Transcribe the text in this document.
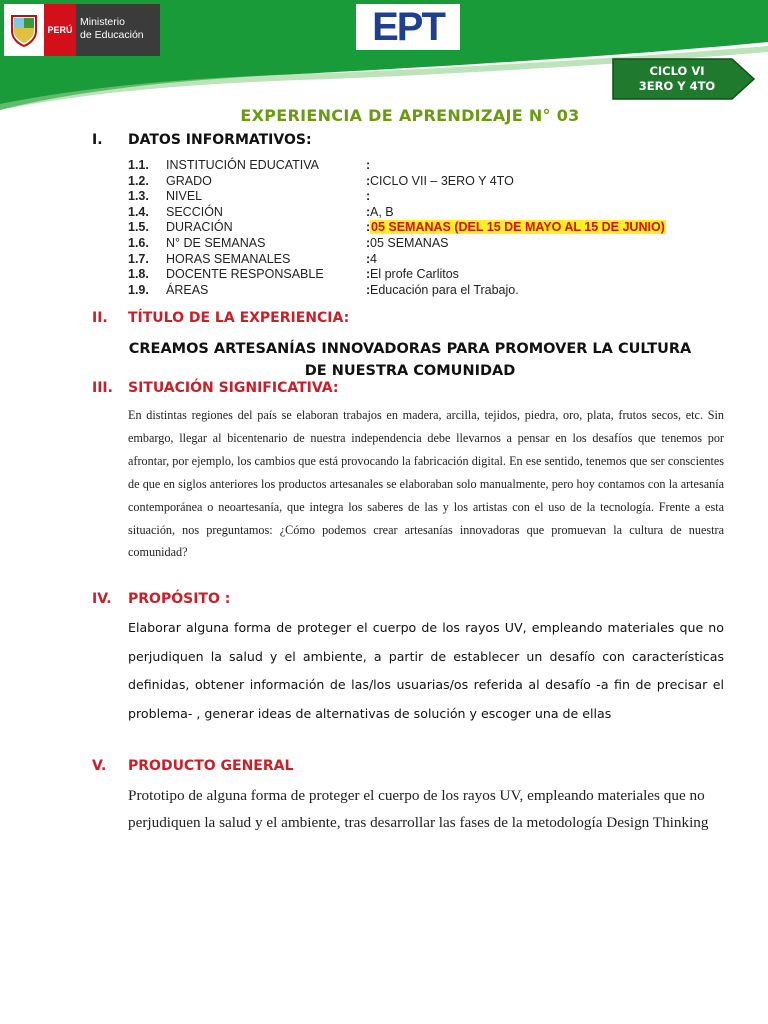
PERÚ
Ministerio
de Educación	EPT
CICLO VI
3ERO Y 4TO
EXPERIENCIA DE APRENDIZAJE N° 03
I. DATOS INFORMATIVOS:
1.1.	INSTITUCIÓN EDUCATIVA	:
1.2.	GRADO	: CICLO VII – 3ERO Y 4TO
1.3.	NIVEL	:
1.4.	SECCIÓN	: A, B
1.5.	DURACIÓN	: 05 SEMANAS (DEL 15 DE MAYO AL 15 DE JUNIO)
1.6.	N° DE SEMANAS	: 05 SEMANAS
1.7.	HORAS SEMANALES	: 4
1.8.	DOCENTE RESPONSABLE	: El profe Carlitos
1.9.	ÁREAS	: Educación para el Trabajo.
II. TÍTULO DE LA EXPERIENCIA:
CREAMOS ARTESANÍAS INNOVADORAS PARA PROMOVER LA CULTURA
DE NUESTRA COMUNIDAD
III. SITUACIÓN SIGNIFICATIVA:
En distintas regiones del país se elaboran trabajos en madera, arcilla, tejidos, piedra, oro, plata, frutos secos, etc. Sin embargo, llegar al bicentenario de nuestra independencia debe llevarnos a pensar en los desafíos que tenemos por afrontar, por ejemplo, los cambios que está provocando la fabricación digital. En ese sentido, tenemos que ser conscientes de que en siglos anteriores los productos artesanales se elaboraban solo manualmente, pero hoy contamos con la artesanía contemporánea o neoartesanía, que integra los saberes de las y los artistas con el uso de la tecnología. Frente a esta situación, nos preguntamos: ¿Cómo podemos crear artesanías innovadoras que promuevan la cultura de nuestra comunidad?
IV. PROPÓSITO :
Elaborar alguna forma de proteger el cuerpo de los rayos UV, empleando materiales que no perjudiquen la salud y el ambiente, a partir de establecer un desafío con características definidas, obtener información de las/los usuarias/os referida al desafío -a fin de precisar el problema- , generar ideas de alternativas de solución y escoger una de ellas
V. PRODUCTO GENERAL
Prototipo de alguna forma de proteger el cuerpo de los rayos UV, empleando materiales que no perjudiquen la salud y el ambiente, tras desarrollar las fases de la metodología Design Thinking
